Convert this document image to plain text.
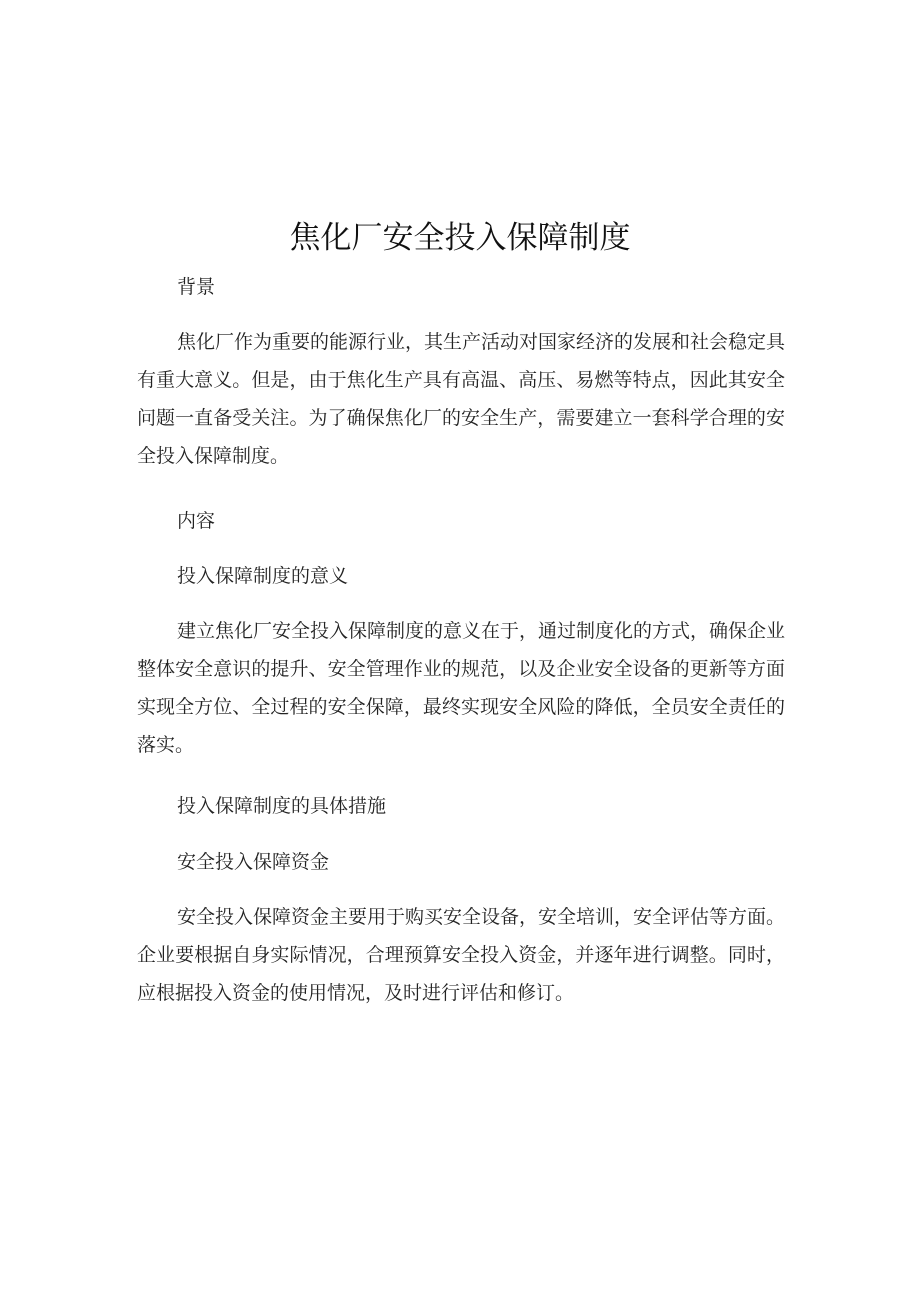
焦化厂安全投入保障制度

背景

焦化厂作为重要的能源行业，其生产活动对国家经济的发展和社会稳定具有重大意义。但是，由于焦化生产具有高温、高压、易燃等特点，因此其安全问题一直备受关注。为了确保焦化厂的安全生产，需要建立一套科学合理的安全投入保障制度。

内容

投入保障制度的意义

建立焦化厂安全投入保障制度的意义在于，通过制度化的方式，确保企业整体安全意识的提升、安全管理作业的规范，以及企业安全设备的更新等方面实现全方位、全过程的安全保障，最终实现安全风险的降低，全员安全责任的落实。

投入保障制度的具体措施

安全投入保障资金

安全投入保障资金主要用于购买安全设备，安全培训，安全评估等方面。企业要根据自身实际情况，合理预算安全投入资金，并逐年进行调整。同时，应根据投入资金的使用情况，及时进行评估和修订。
